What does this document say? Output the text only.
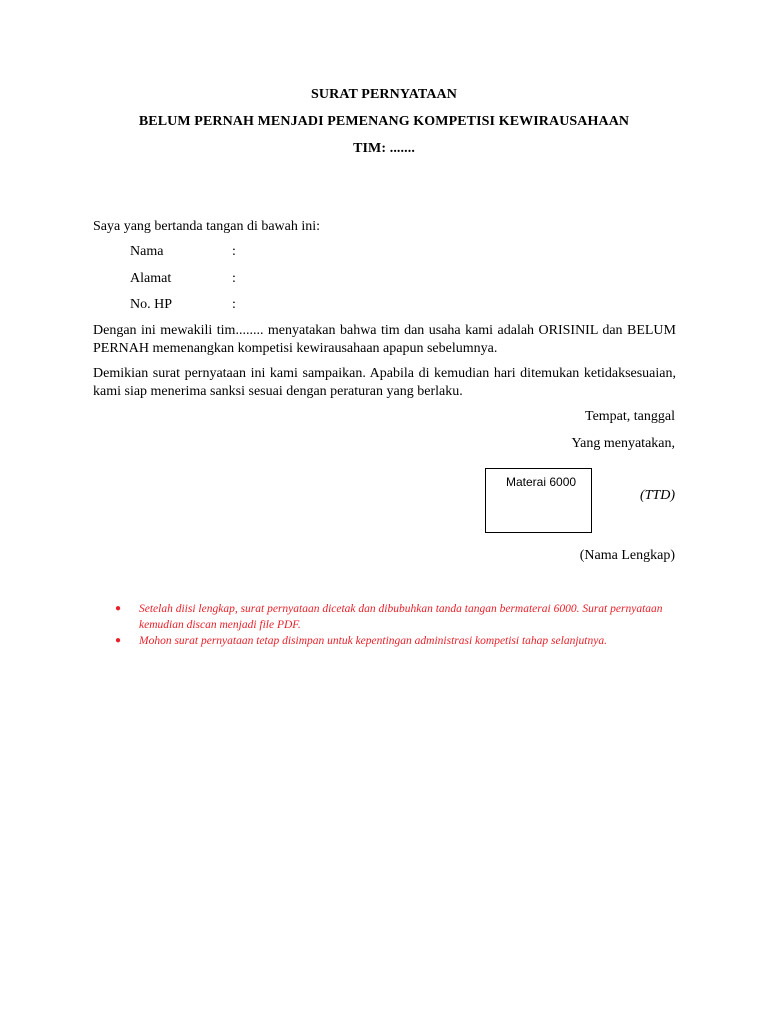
SURAT PERNYATAAN
BELUM PERNAH MENJADI PEMENANG KOMPETISI KEWIRAUSAHAAN
TIM: .......
Saya yang bertanda tangan di bawah ini:
Nama	:
Alamat	:
No. HP	:
Dengan ini mewakili tim........ menyatakan bahwa tim dan usaha kami adalah ORISINIL dan BELUM PERNAH memenangkan kompetisi kewirausahaan apapun sebelumnya.
Demikian surat pernyataan ini kami sampaikan. Apabila di kemudian hari ditemukan ketidaksesuaian, kami siap menerima sanksi sesuai dengan peraturan yang berlaku.
Tempat, tanggal
Yang menyatakan,
Materai 6000
(TTD)
(Nama Lengkap)
● Setelah diisi lengkap, surat pernyataan dicetak dan dibubuhkan tanda tangan bermaterai 6000. Surat pernyataan kemudian discan menjadi file PDF.
● Mohon surat pernyataan tetap disimpan untuk kepentingan administrasi kompetisi tahap selanjutnya.
